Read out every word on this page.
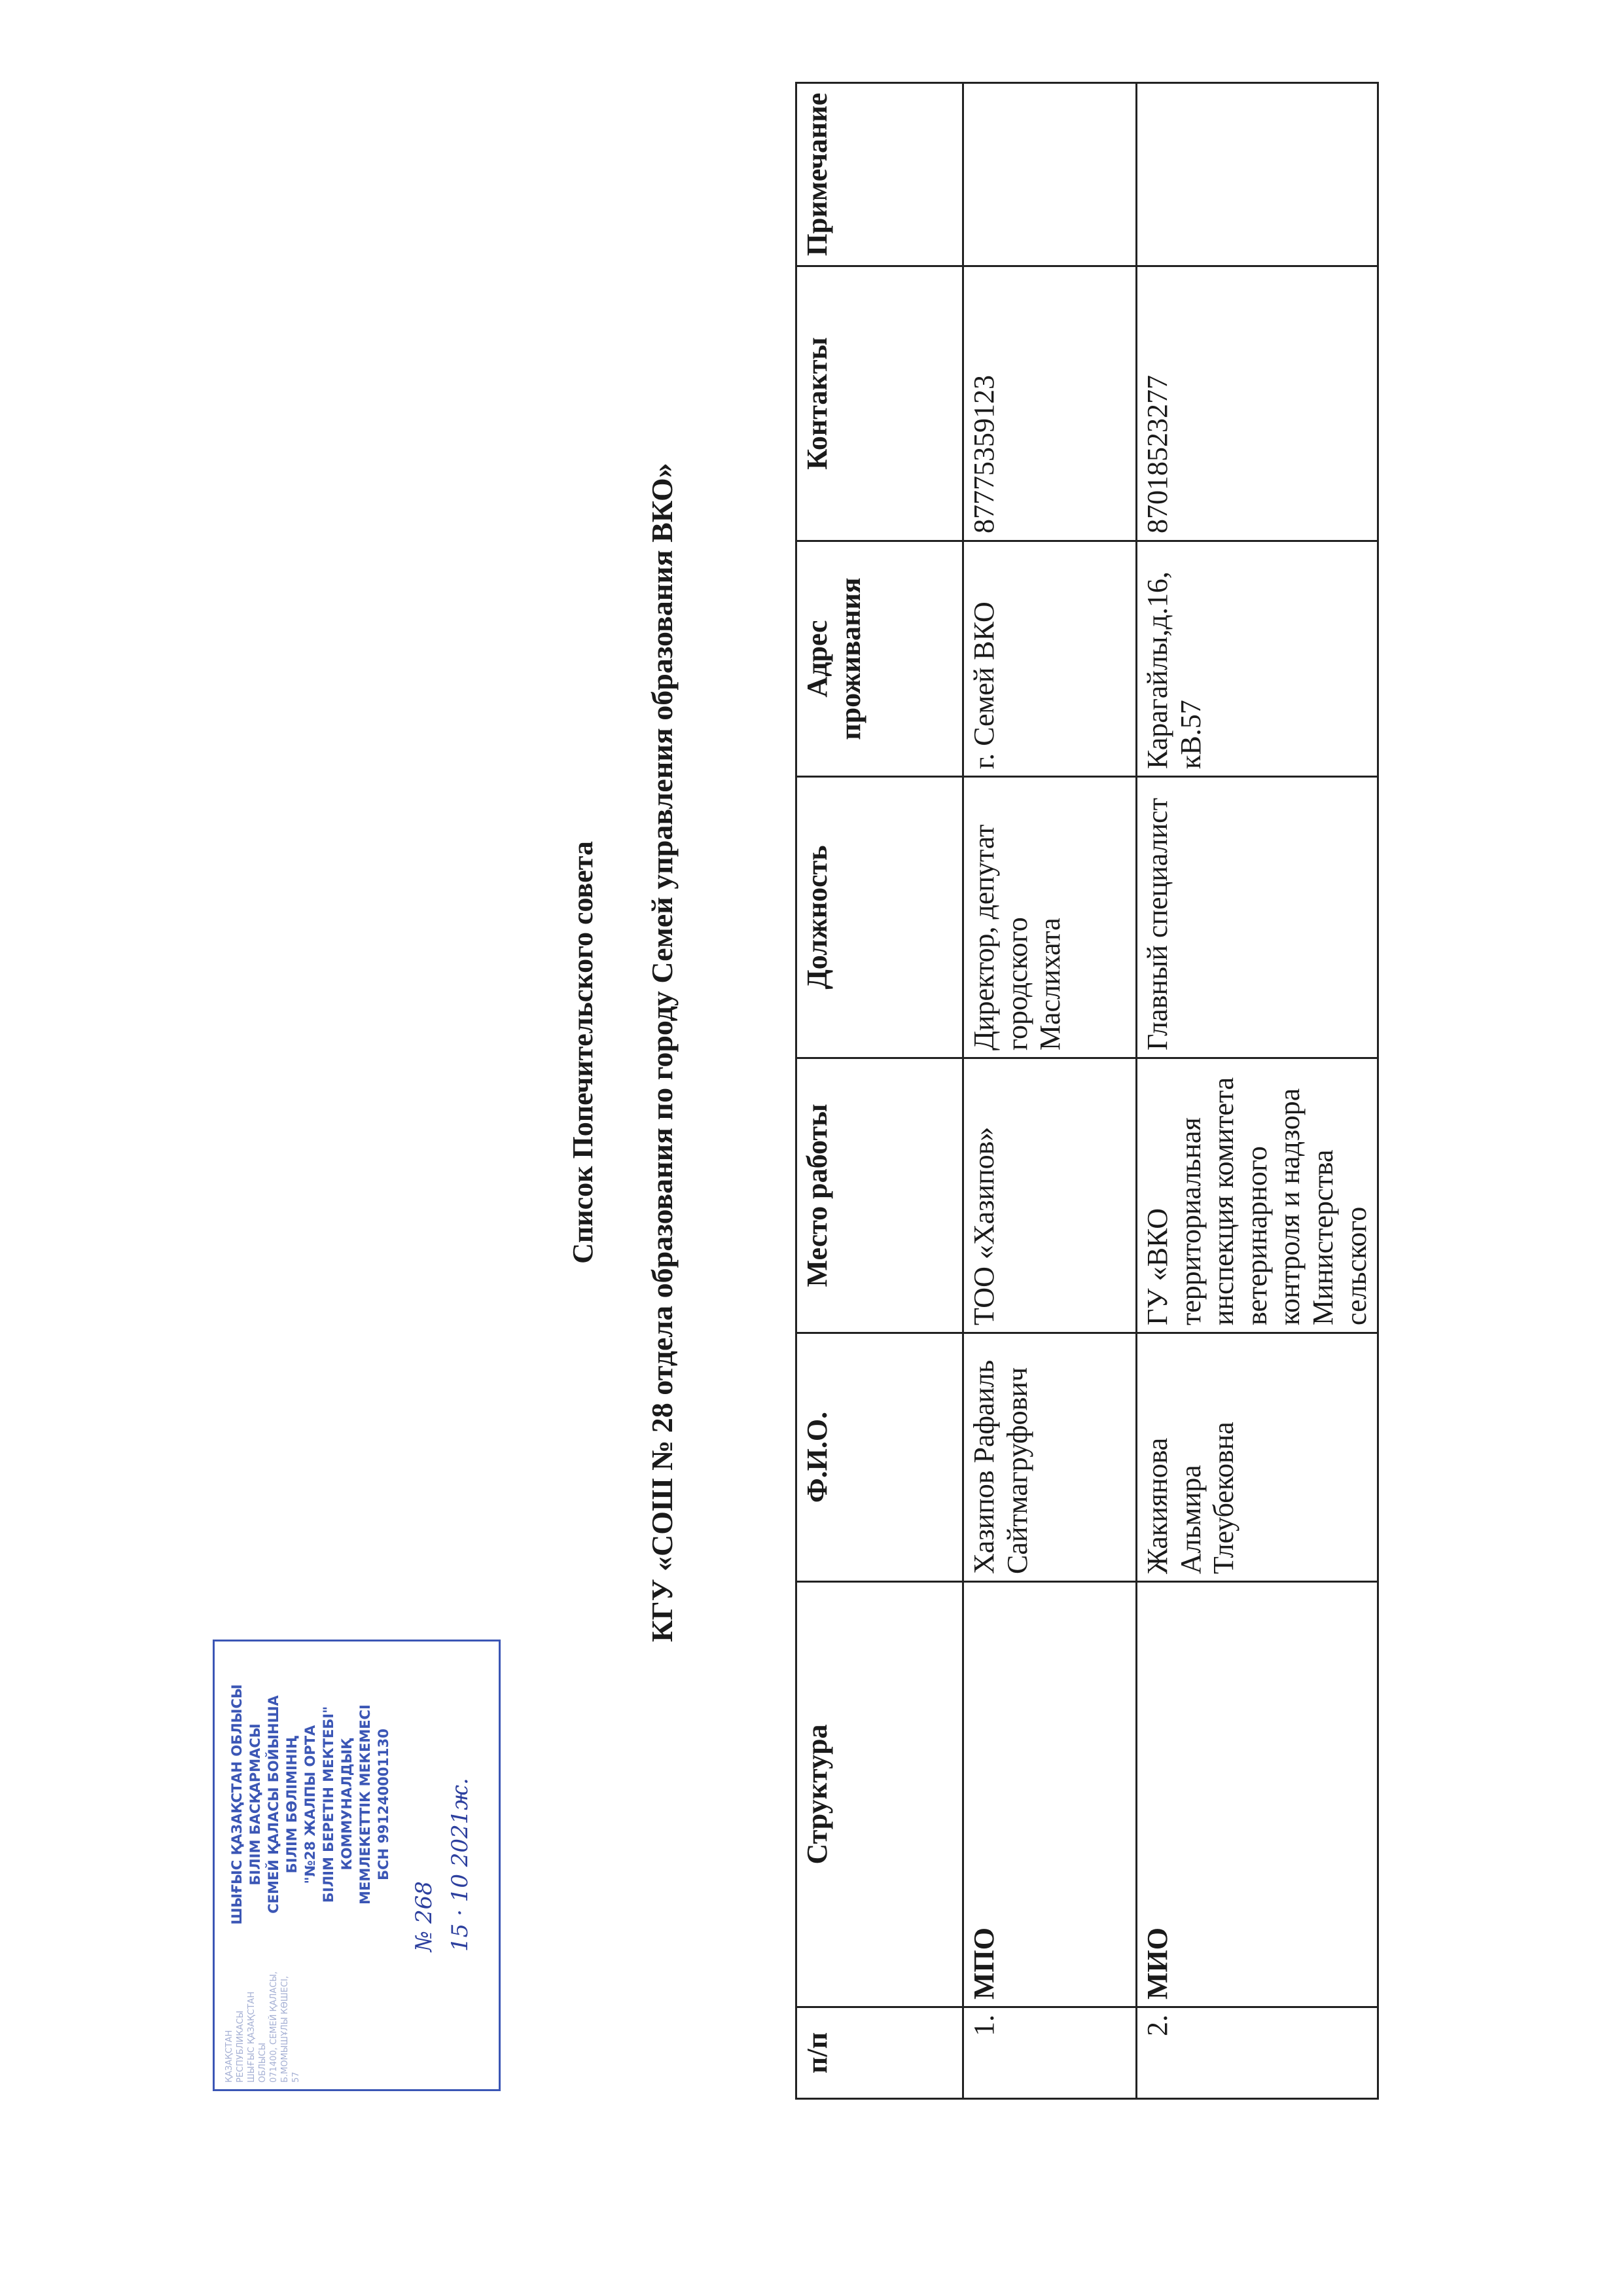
Список Попечительского совета КГУ «СОШ № 28 отдела образования по городу Семей управления образования ВКО»
п/п	Структура	Ф.И.О.	Место работы	Должность	Адрес проживания	Контакты	Примечание
1.	МПО	Хазипов Рафаиль Сайтмагруфович	ТОО «Хазипов»	Директор, депутат городского Маслихата	г. Семей ВКО	87775359123	
2.	МИО	Жакиянова Альмира Тлеубековна	ГУ «ВКО территориальная инспекция комитета ветеринарного контроля и надзора Министерства сельского	Главный специалист	Карагайлы,д.16, кВ.57	87018523277	
ҚАЗАҚСТАН РЕСПУБЛИКАСЫ ШЫҒЫС ҚАЗАҚСТАН ОБЛЫСЫ 071400, СЕМЕЙ ҚАЛАСЫ, Б.МОМЫШҰЛЫ КӨШЕСІ, 57
ШЫҒЫС ҚАЗАҚСТАН ОБЛЫСЫ БІЛІМ БАСҚАРМАСЫ СЕМЕЙ ҚАЛАСЫ БОЙЫНША БІЛІМ БӨЛІМІНІҢ "№28 ЖАЛПЫ ОРТА БІЛІМ БЕРЕТІН МЕКТЕБІ" КОММУНАЛДЫҚ МЕМЛЕКЕТТІК МЕКЕМЕСІ БСН 991240001130
№ 268 15 · 10 2021ж.
